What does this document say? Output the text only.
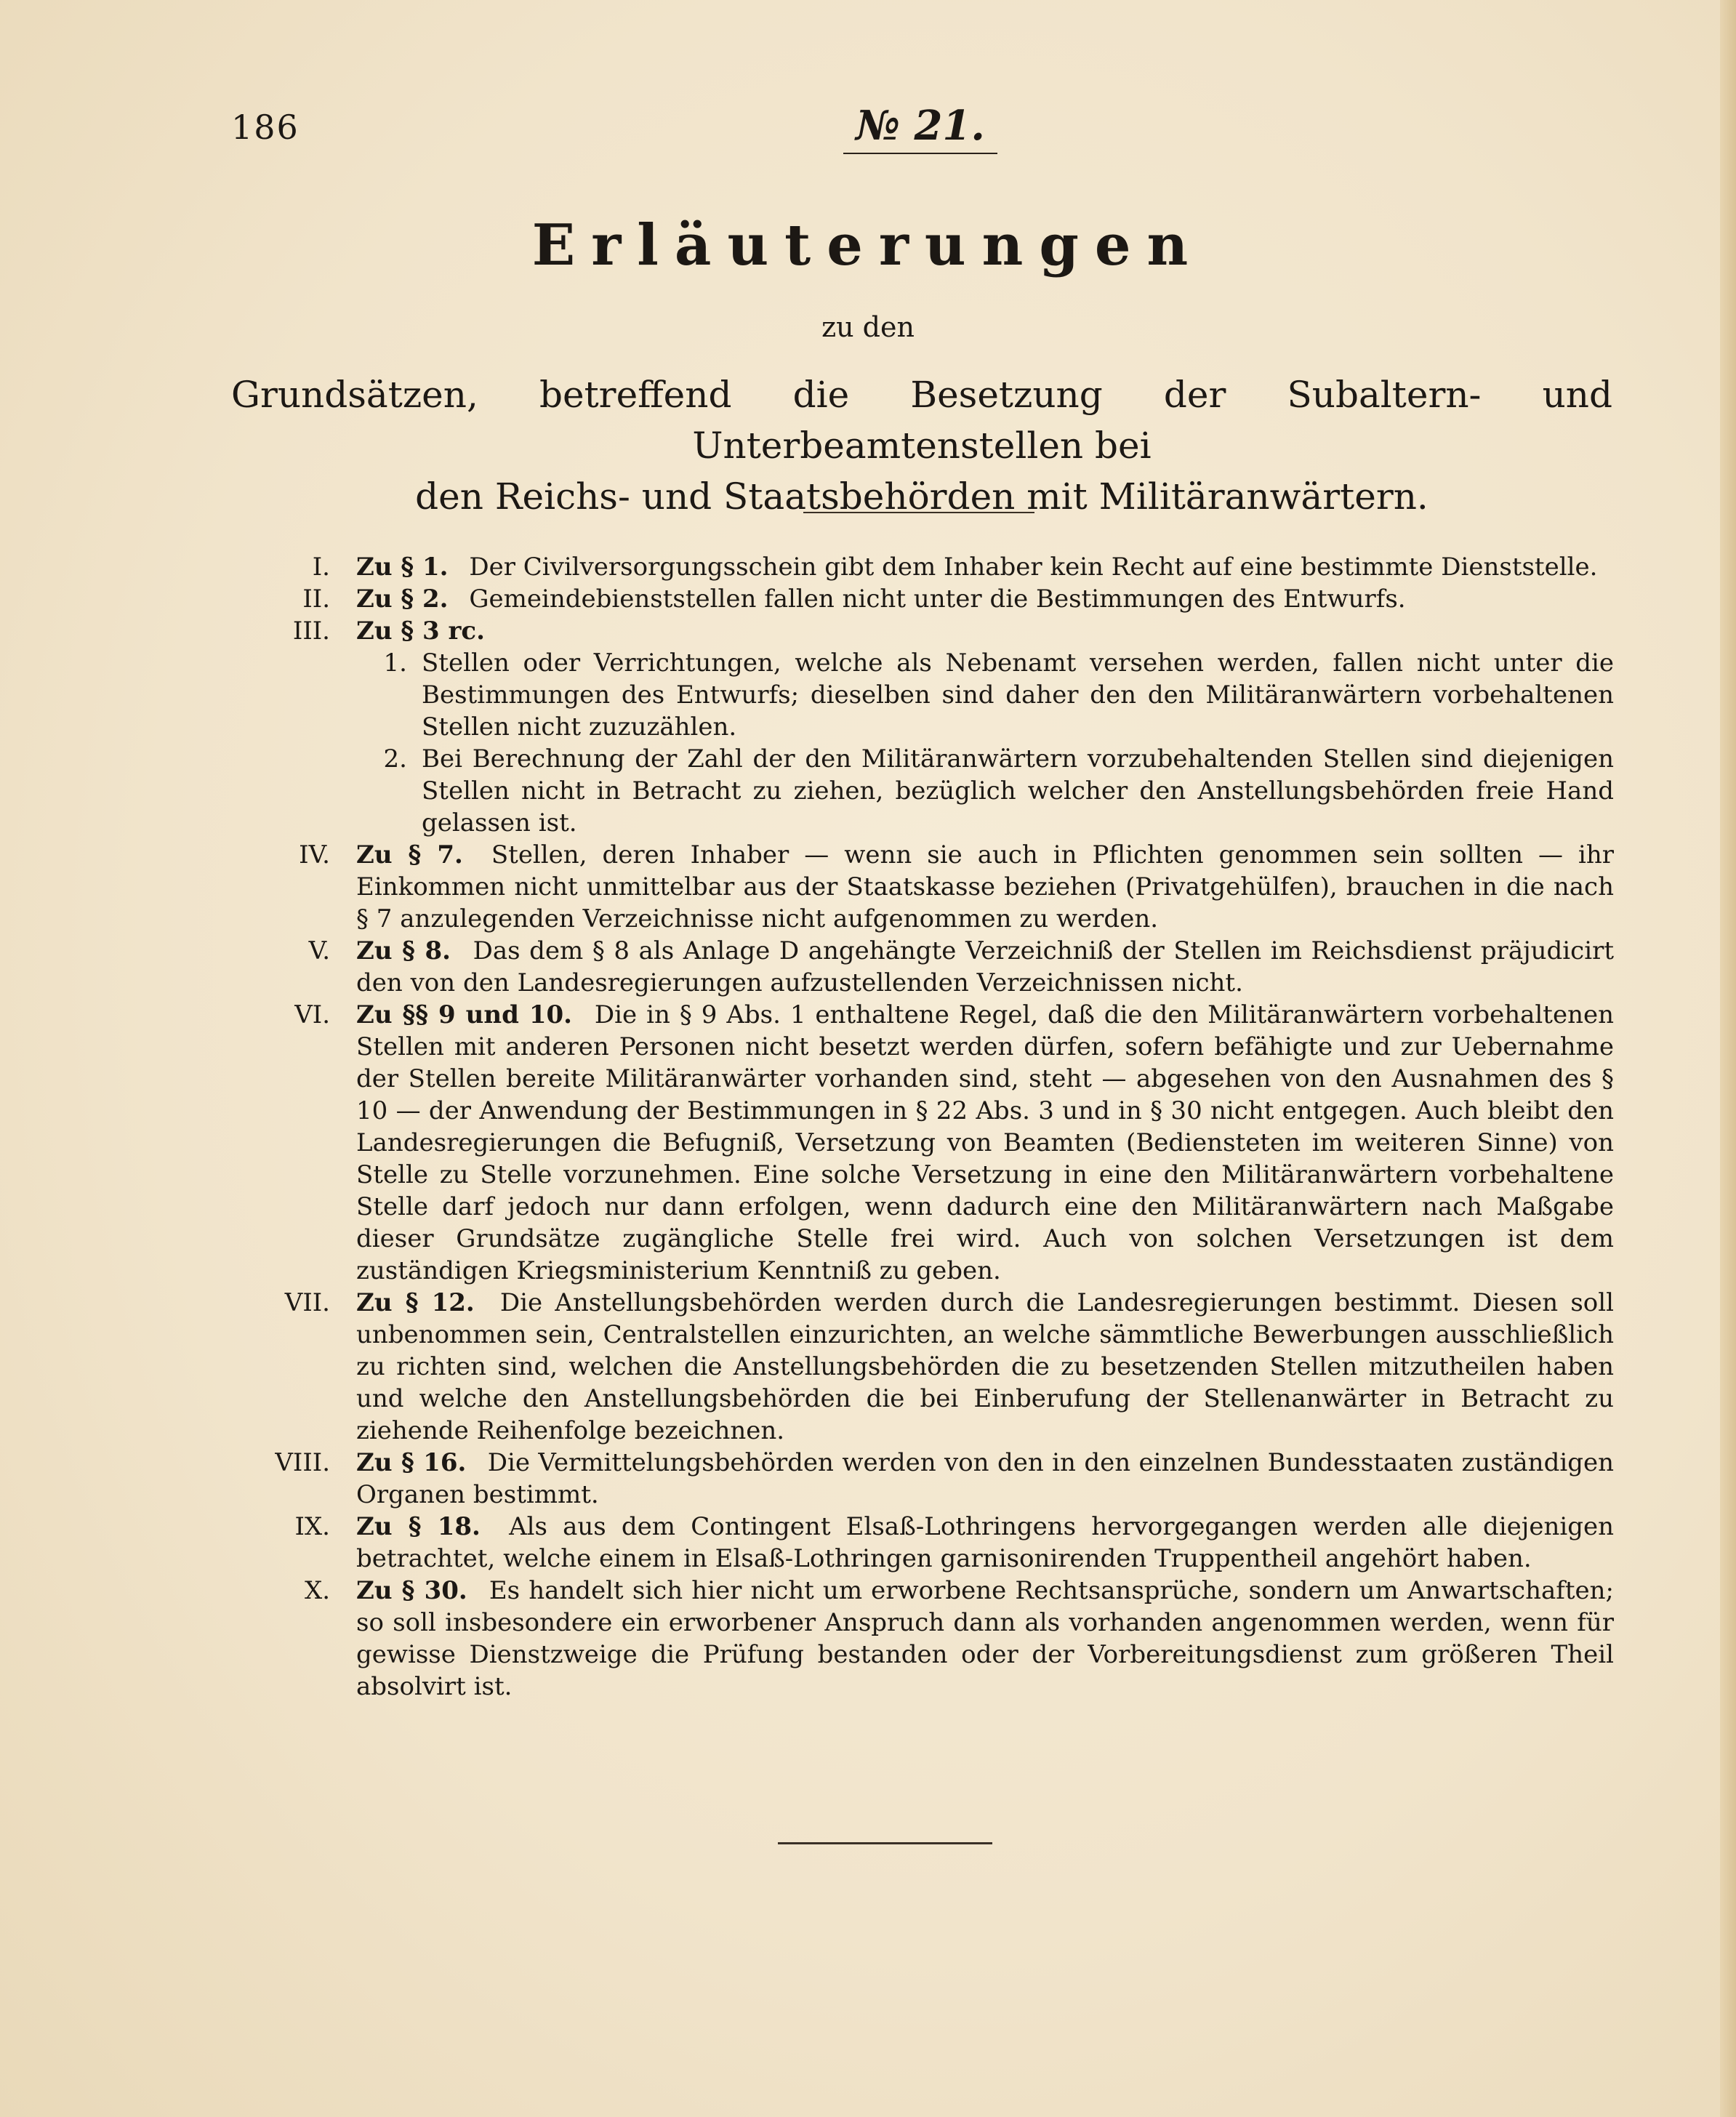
186	№ 21.
Erläuterungen
zu den
Grundsätzen, betreffend die Besetzung der Subaltern- und Unterbeamtenstellen bei
den Reichs- und Staatsbehörden mit Militäranwärtern.
I.	Zu § 1. Der Civilversorgungsschein gibt dem Inhaber kein Recht auf eine bestimmte Dienststelle.
II.	Zu § 2. Gemeindebienststellen fallen nicht unter die Bestimmungen des Entwurfs.
III.	Zu § 3 rc.
1. Stellen oder Verrichtungen, welche als Nebenamt versehen werden, fallen nicht unter die Bestimmungen des Entwurfs; dieselben sind daher den den Militäranwärtern vorbehaltenen Stellen nicht zuzuzählen.
2. Bei Berechnung der Zahl der den Militäranwärtern vorzubehaltenden Stellen sind diejenigen Stellen nicht in Betracht zu ziehen, bezüglich welcher den Anstellungsbehörden freie Hand gelassen ist.
IV.	Zu § 7. Stellen, deren Inhaber — wenn sie auch in Pflichten genommen sein sollten — ihr Einkommen nicht unmittelbar aus der Staatskasse beziehen (Privatgehülfen), brauchen in die nach § 7 anzulegenden Verzeichnisse nicht aufgenommen zu werden.
V.	Zu § 8. Das dem § 8 als Anlage D angehängte Verzeichniß der Stellen im Reichsdienst präjudicirt den von den Landesregierungen aufzustellenden Verzeichnissen nicht.
VI.	Zu §§ 9 und 10. Die in § 9 Abs. 1 enthaltene Regel, daß die den Militäranwärtern vorbehaltenen Stellen mit anderen Personen nicht besetzt werden dürfen, sofern befähigte und zur Uebernahme der Stellen bereite Militäranwärter vorhanden sind, steht — abgesehen von den Ausnahmen des § 10 — der Anwendung der Bestimmungen in § 22 Abs. 3 und in § 30 nicht entgegen. Auch bleibt den Landesregierungen die Befugniß, Versetzung von Beamten (Bediensteten im weiteren Sinne) von Stelle zu Stelle vorzunehmen. Eine solche Versetzung in eine den Militäranwärtern vorbehaltene Stelle darf jedoch nur dann erfolgen, wenn dadurch eine den Militäranwärtern nach Maßgabe dieser Grundsätze zugängliche Stelle frei wird. Auch von solchen Versetzungen ist dem zuständigen Kriegsministerium Kenntniß zu geben.
VII.	Zu § 12. Die Anstellungsbehörden werden durch die Landesregierungen bestimmt. Diesen soll unbenommen sein, Centralstellen einzurichten, an welche sämmtliche Bewerbungen ausschließlich zu richten sind, welchen die Anstellungsbehörden die zu besetzenden Stellen mitzutheilen haben und welche den Anstellungsbehörden die bei Einberufung der Stellenanwärter in Betracht zu ziehende Reihenfolge bezeichnen.
VIII.	Zu § 16. Die Vermittelungsbehörden werden von den in den einzelnen Bundesstaaten zuständigen Organen bestimmt.
IX.	Zu § 18. Als aus dem Contingent Elsaß-Lothringens hervorgegangen werden alle diejenigen betrachtet, welche einem in Elsaß-Lothringen garnisonirenden Truppentheil angehört haben.
X.	Zu § 30. Es handelt sich hier nicht um erworbene Rechtsansprüche, sondern um Anwartschaften; so soll insbesondere ein erworbener Anspruch dann als vorhanden angenommen werden, wenn für gewisse Dienstzweige die Prüfung bestanden oder der Vorbereitungsdienst zum größeren Theil absolvirt ist.
